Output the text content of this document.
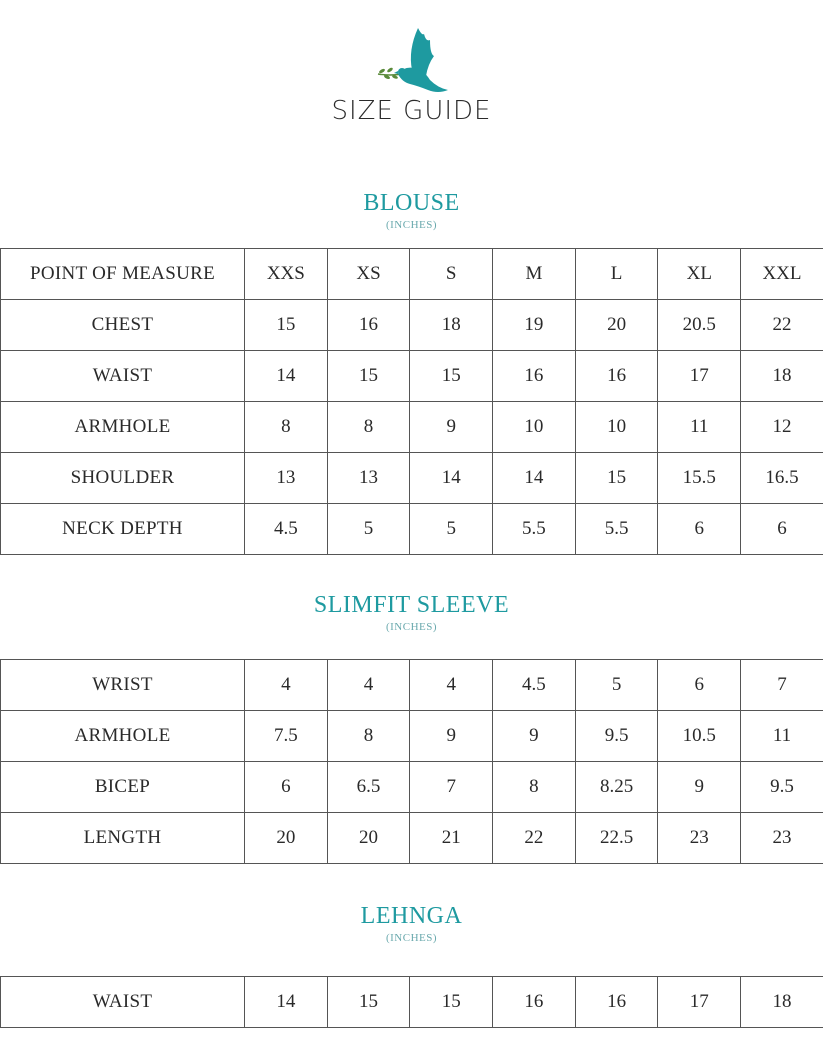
SIZE GUIDE
BLOUSE
(INCHES)
POINT OF MEASURE	XXS	XS	S	M	L	XL	XXL
CHEST	15	16	18	19	20	20.5	22
WAIST	14	15	15	16	16	17	18
ARMHOLE	8	8	9	10	10	11	12
SHOULDER	13	13	14	14	15	15.5	16.5
NECK DEPTH	4.5	5	5	5.5	5.5	6	6
SLIMFIT SLEEVE
(INCHES)
WRIST	4	4	4	4.5	5	6	7
ARMHOLE	7.5	8	9	9	9.5	10.5	11
BICEP	6	6.5	7	8	8.25	9	9.5
LENGTH	20	20	21	22	22.5	23	23
LEHNGA
(INCHES)
WAIST	14	15	15	16	16	17	18
